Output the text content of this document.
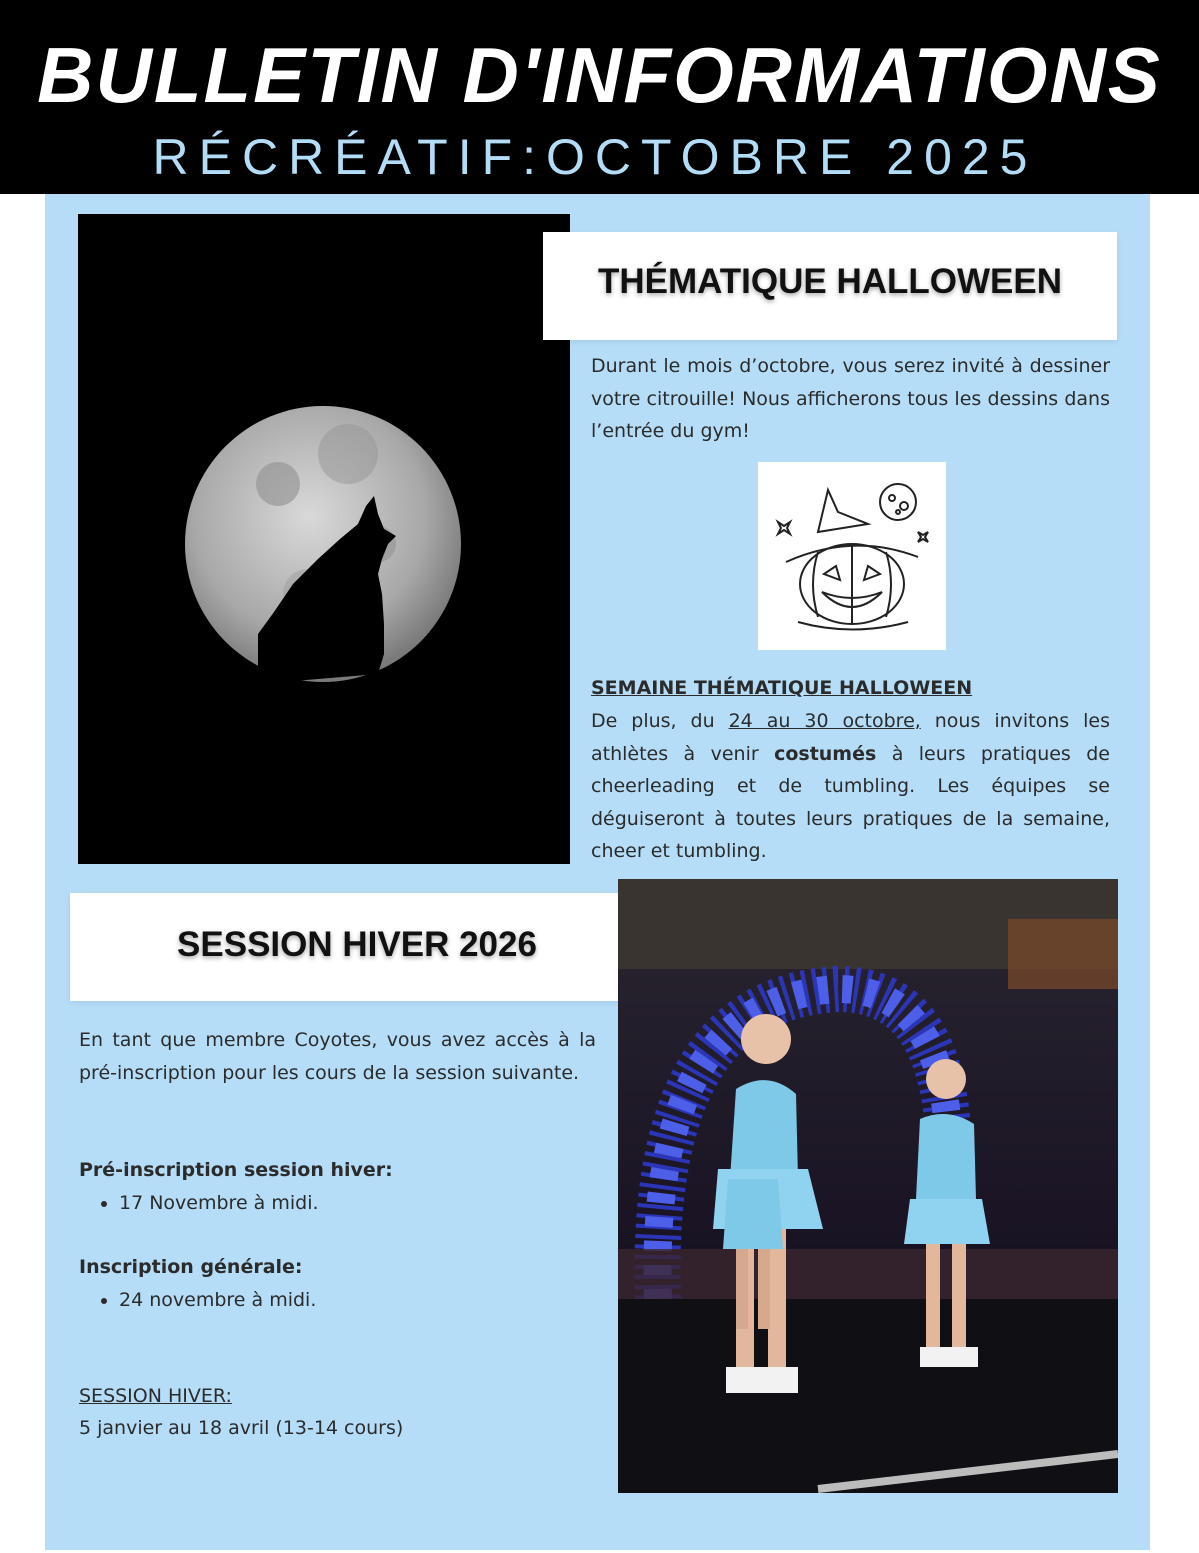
BULLETIN D'INFORMATIONS
RÉCRÉATIF:OCTOBRE 2025
THÉMATIQUE HALLOWEEN
Durant le mois d’octobre, vous serez invité à dessiner votre citrouille! Nous afficherons tous les dessins dans l’entrée du gym!
SEMAINE THÉMATIQUE HALLOWEEN
De plus, du 24 au 30 octobre, nous invitons les athlètes à venir costumés à leurs pratiques de cheerleading et de tumbling. Les équipes se déguiseront à toutes leurs pratiques de la semaine, cheer et tumbling.
SESSION HIVER 2026
En tant que membre Coyotes, vous avez accès à la pré-inscription pour les cours de la session suivante.
Pré-inscription session hiver:
• 17 Novembre à midi.
Inscription générale:
• 24 novembre à midi.
SESSION HIVER:
5 janvier au 18 avril (13-14 cours)
